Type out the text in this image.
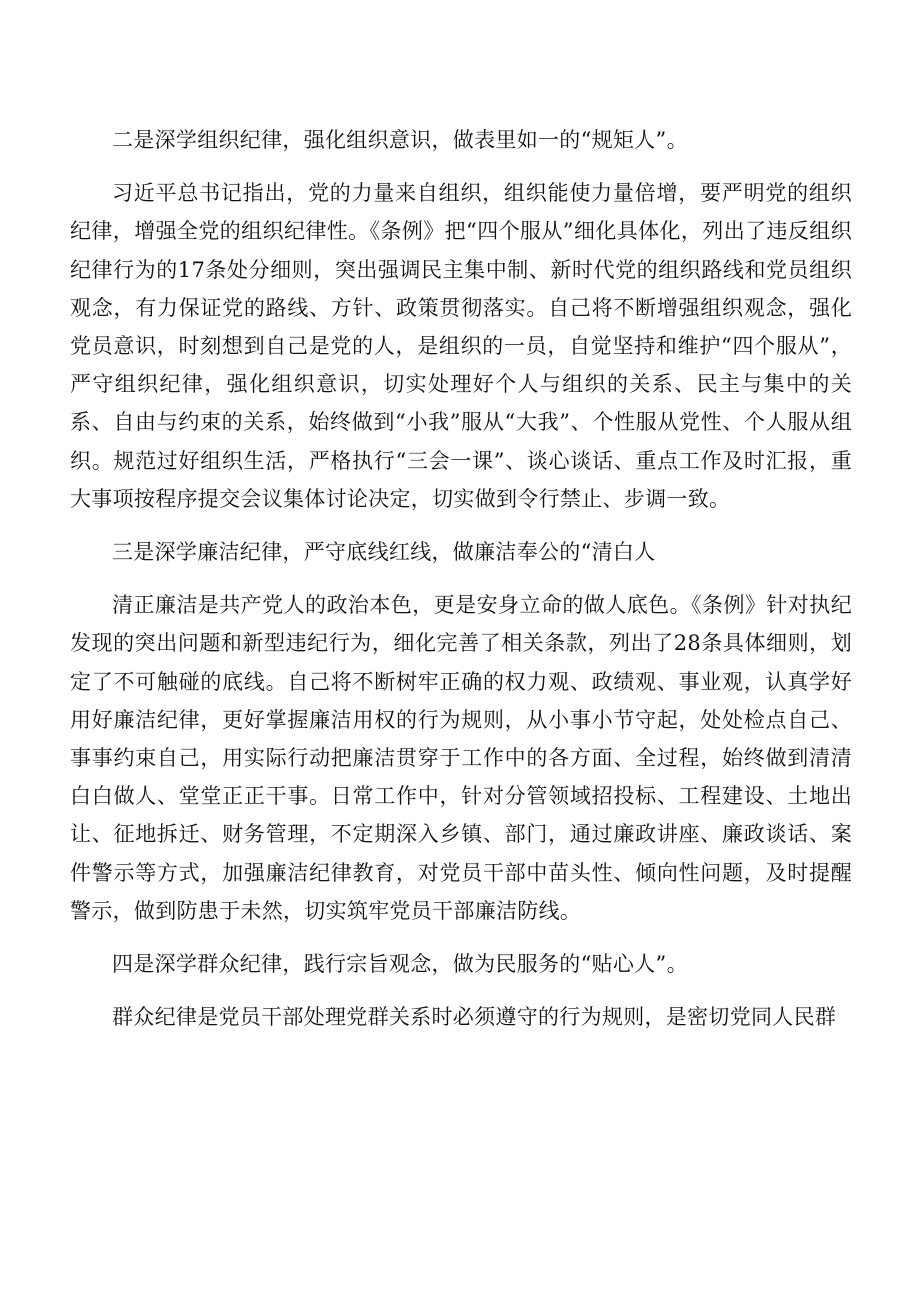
二是深学组织纪律，强化组织意识，做表里如一的“规矩人”。

习近平总书记指出，党的力量来自组织，组织能使力量倍增，要严明党的组织纪律，增强全党的组织纪律性。《条例》把“四个服从”细化具体化，列出了违反组织纪律行为的17条处分细则，突出强调民主集中制、新时代党的组织路线和党员组织观念，有力保证党的路线、方针、政策贯彻落实。自己将不断增强组织观念，强化党员意识，时刻想到自己是党的人，是组织的一员，自觉坚持和维护“四个服从”，严守组织纪律，强化组织意识，切实处理好个人与组织的关系、民主与集中的关系、自由与约束的关系，始终做到“小我”服从“大我”、个性服从党性、个人服从组织。规范过好组织生活，严格执行“三会一课”、谈心谈话、重点工作及时汇报，重大事项按程序提交会议集体讨论决定，切实做到令行禁止、步调一致。

三是深学廉洁纪律，严守底线红线，做廉洁奉公的“清白人

清正廉洁是共产党人的政治本色，更是安身立命的做人底色。《条例》针对执纪发现的突出问题和新型违纪行为，细化完善了相关条款，列出了28条具体细则，划定了不可触碰的底线。自己将不断树牢正确的权力观、政绩观、事业观，认真学好用好廉洁纪律，更好掌握廉洁用权的行为规则，从小事小节守起，处处检点自己、事事约束自己，用实际行动把廉洁贯穿于工作中的各方面、全过程，始终做到清清白白做人、堂堂正正干事。日常工作中，针对分管领域招投标、工程建设、土地出让、征地拆迁、财务管理，不定期深入乡镇、部门，通过廉政讲座、廉政谈话、案件警示等方式，加强廉洁纪律教育，对党员干部中苗头性、倾向性问题，及时提醒警示，做到防患于未然，切实筑牢党员干部廉洁防线。

四是深学群众纪律，践行宗旨观念，做为民服务的“贴心人”。

群众纪律是党员干部处理党群关系时必须遵守的行为规则，是密切党同人民群
